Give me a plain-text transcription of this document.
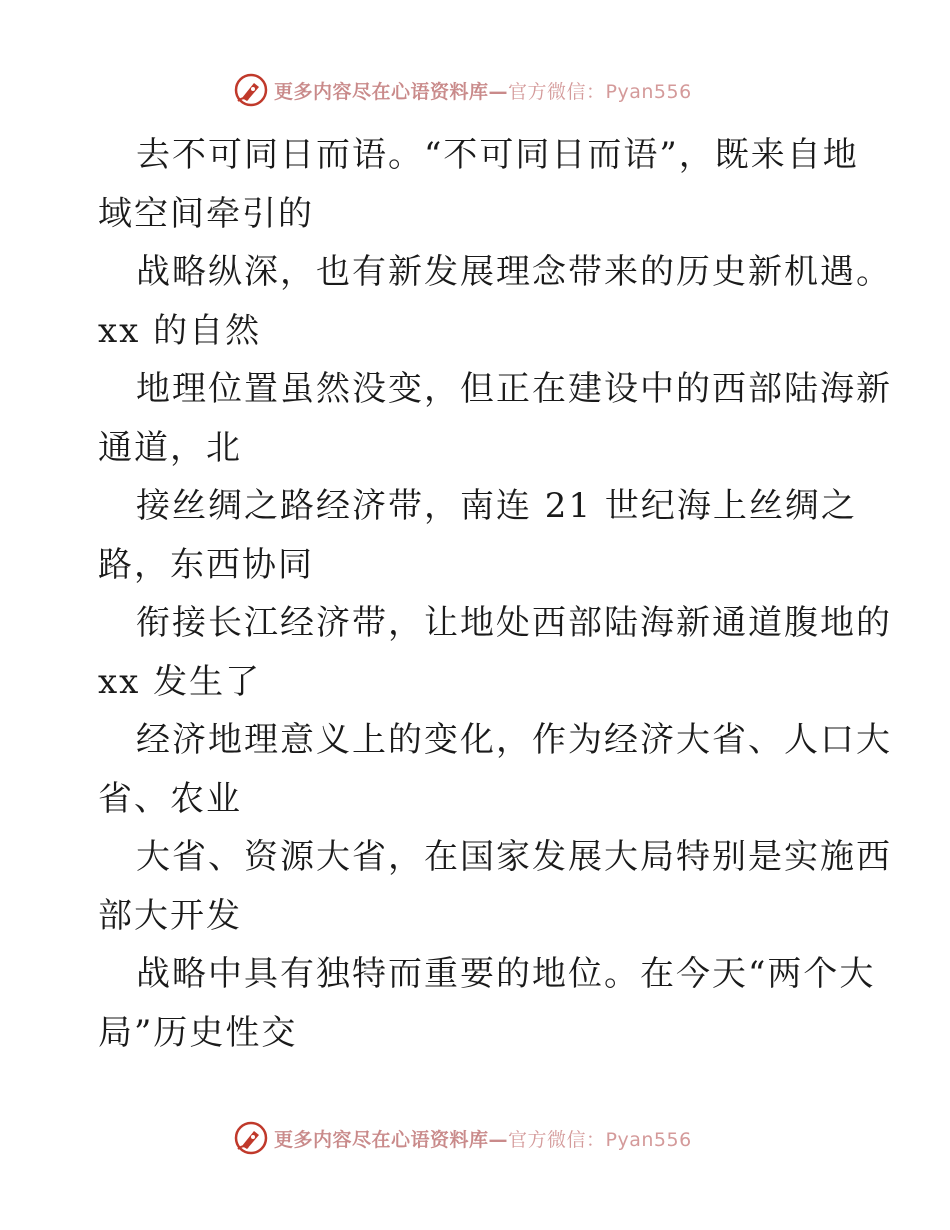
更多内容尽在心语资料库—官方微信：Pyan556
去不可同日而语。“不可同日而语”，既来自地
域空间牵引的
战略纵深，也有新发展理念带来的历史新机遇。
xx 的自然
地理位置虽然没变，但正在建设中的西部陆海新
通道，北
接丝绸之路经济带，南连 21 世纪海上丝绸之
路，东西协同
衔接长江经济带，让地处西部陆海新通道腹地的
xx 发生了
经济地理意义上的变化，作为经济大省、人口大
省、农业
大省、资源大省，在国家发展大局特别是实施西
部大开发
战略中具有独特而重要的地位。在今天“两个大
局”历史性交
更多内容尽在心语资料库—官方微信：Pyan556
